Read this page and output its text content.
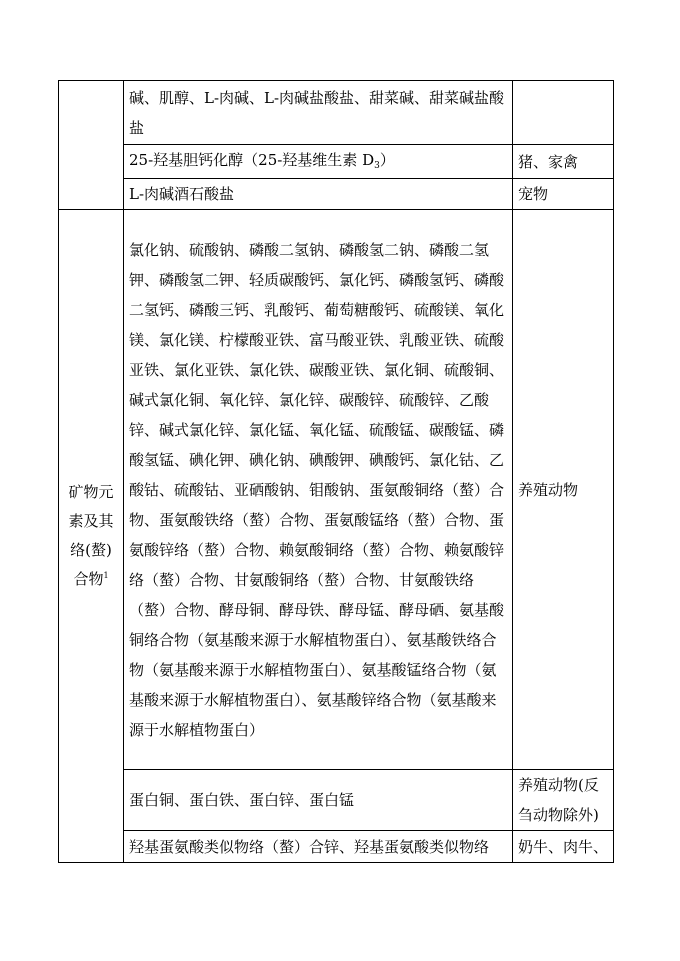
	碱、肌醇、L-肉碱、L-肉碱盐酸盐、甜菜碱、甜菜碱盐酸盐	
	25-羟基胆钙化醇（25-羟基维生素 $D_3$）	猪、家禽
	L-肉碱酒石酸盐	宠物
矿物元素及其络(螯)合物$^1$	氯化钠、硫酸钠、磷酸二氢钠、磷酸氢二钠、磷酸二氢钾、磷酸氢二钾、轻质碳酸钙、氯化钙、磷酸氢钙、磷酸二氢钙、磷酸三钙、乳酸钙、葡萄糖酸钙、硫酸镁、氧化镁、氯化镁、柠檬酸亚铁、富马酸亚铁、乳酸亚铁、硫酸亚铁、氯化亚铁、氯化铁、碳酸亚铁、氯化铜、硫酸铜、碱式氯化铜、氧化锌、氯化锌、碳酸锌、硫酸锌、乙酸锌、碱式氯化锌、氯化锰、氧化锰、硫酸锰、碳酸锰、磷酸氢锰、碘化钾、碘化钠、碘酸钾、碘酸钙、氯化钴、乙酸钴、硫酸钴、亚硒酸钠、钼酸钠、蛋氨酸铜络（螯）合物、蛋氨酸铁络（螯）合物、蛋氨酸锰络（螯）合物、蛋氨酸锌络（螯）合物、赖氨酸铜络（螯）合物、赖氨酸锌络（螯）合物、甘氨酸铜络（螯）合物、甘氨酸铁络（螯）合物、酵母铜、酵母铁、酵母锰、酵母硒、氨基酸铜络合物（氨基酸来源于水解植物蛋白）、氨基酸铁络合物（氨基酸来源于水解植物蛋白）、氨基酸锰络合物（氨基酸来源于水解植物蛋白）、氨基酸锌络合物（氨基酸来源于水解植物蛋白）	养殖动物
	蛋白铜、蛋白铁、蛋白锌、蛋白锰	养殖动物(反刍动物除外)
	羟基蛋氨酸类似物络（螯）合锌、羟基蛋氨酸类似物络	奶牛、肉牛、
